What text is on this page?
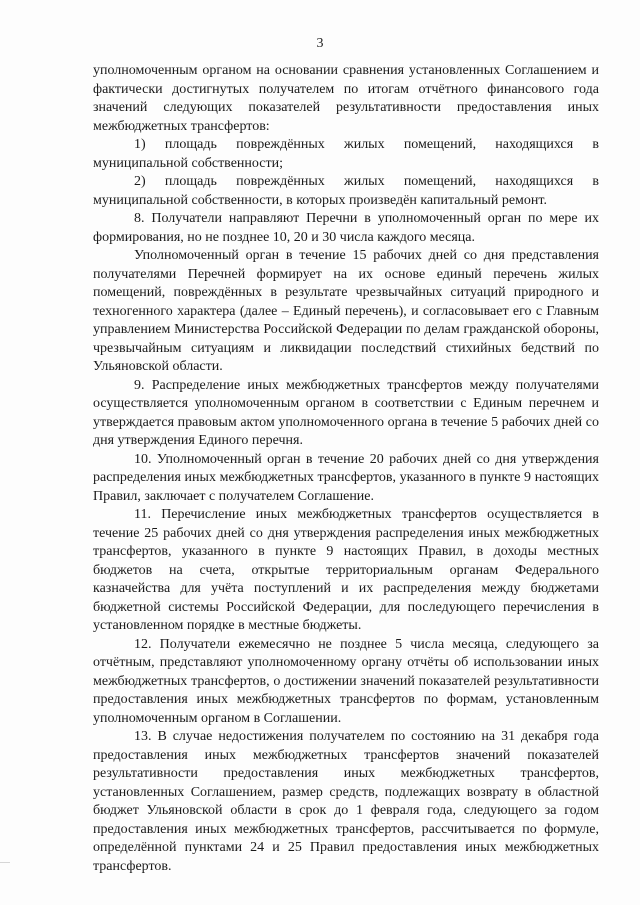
3

уполномоченным органом на основании сравнения установленных Соглашением и фактически достигнутых получателем по итогам отчётного финансового года значений следующих показателей результативности предоставления иных межбюджетных трансфертов:

1) площадь повреждённых жилых помещений, находящихся в муниципальной собственности;

2) площадь повреждённых жилых помещений, находящихся в муниципальной собственности, в которых произведён капитальный ремонт.

8. Получатели направляют Перечни в уполномоченный орган по мере их формирования, но не позднее 10, 20 и 30 числа каждого месяца.

Уполномоченный орган в течение 15 рабочих дней со дня представления получателями Перечней формирует на их основе единый перечень жилых помещений, повреждённых в результате чрезвычайных ситуаций природного и техногенного характера (далее – Единый перечень), и согласовывает его с Главным управлением Министерства Российской Федерации по делам гражданской обороны, чрезвычайным ситуациям и ликвидации последствий стихийных бедствий по Ульяновской области.

9. Распределение иных межбюджетных трансфертов между получателями осуществляется уполномоченным органом в соответствии с Единым перечнем и утверждается правовым актом уполномоченного органа в течение 5 рабочих дней со дня утверждения Единого перечня.

10. Уполномоченный орган в течение 20 рабочих дней со дня утверждения распределения иных межбюджетных трансфертов, указанного в пункте 9 настоящих Правил, заключает с получателем Соглашение.

11. Перечисление иных межбюджетных трансфертов осуществляется в течение 25 рабочих дней со дня утверждения распределения иных межбюджетных трансфертов, указанного в пункте 9 настоящих Правил, в доходы местных бюджетов на счета, открытые территориальным органам Федерального казначейства для учёта поступлений и их распределения между бюджетами бюджетной системы Российской Федерации, для последующего перечисления в установленном порядке в местные бюджеты.

12. Получатели ежемесячно не позднее 5 числа месяца, следующего за отчётным, представляют уполномоченному органу отчёты об использовании иных межбюджетных трансфертов, о достижении значений показателей результативности предоставления иных межбюджетных трансфертов по формам, установленным уполномоченным органом в Соглашении.

13. В случае недостижения получателем по состоянию на 31 декабря года предоставления иных межбюджетных трансфертов значений показателей результативности предоставления иных межбюджетных трансфертов, установленных Соглашением, размер средств, подлежащих возврату в областной бюджет Ульяновской области в срок до 1 февраля года, следующего за годом предоставления иных межбюджетных трансфертов, рассчитывается по формуле, определённой пунктами 24 и 25 Правил предоставления иных межбюджетных трансфертов.
